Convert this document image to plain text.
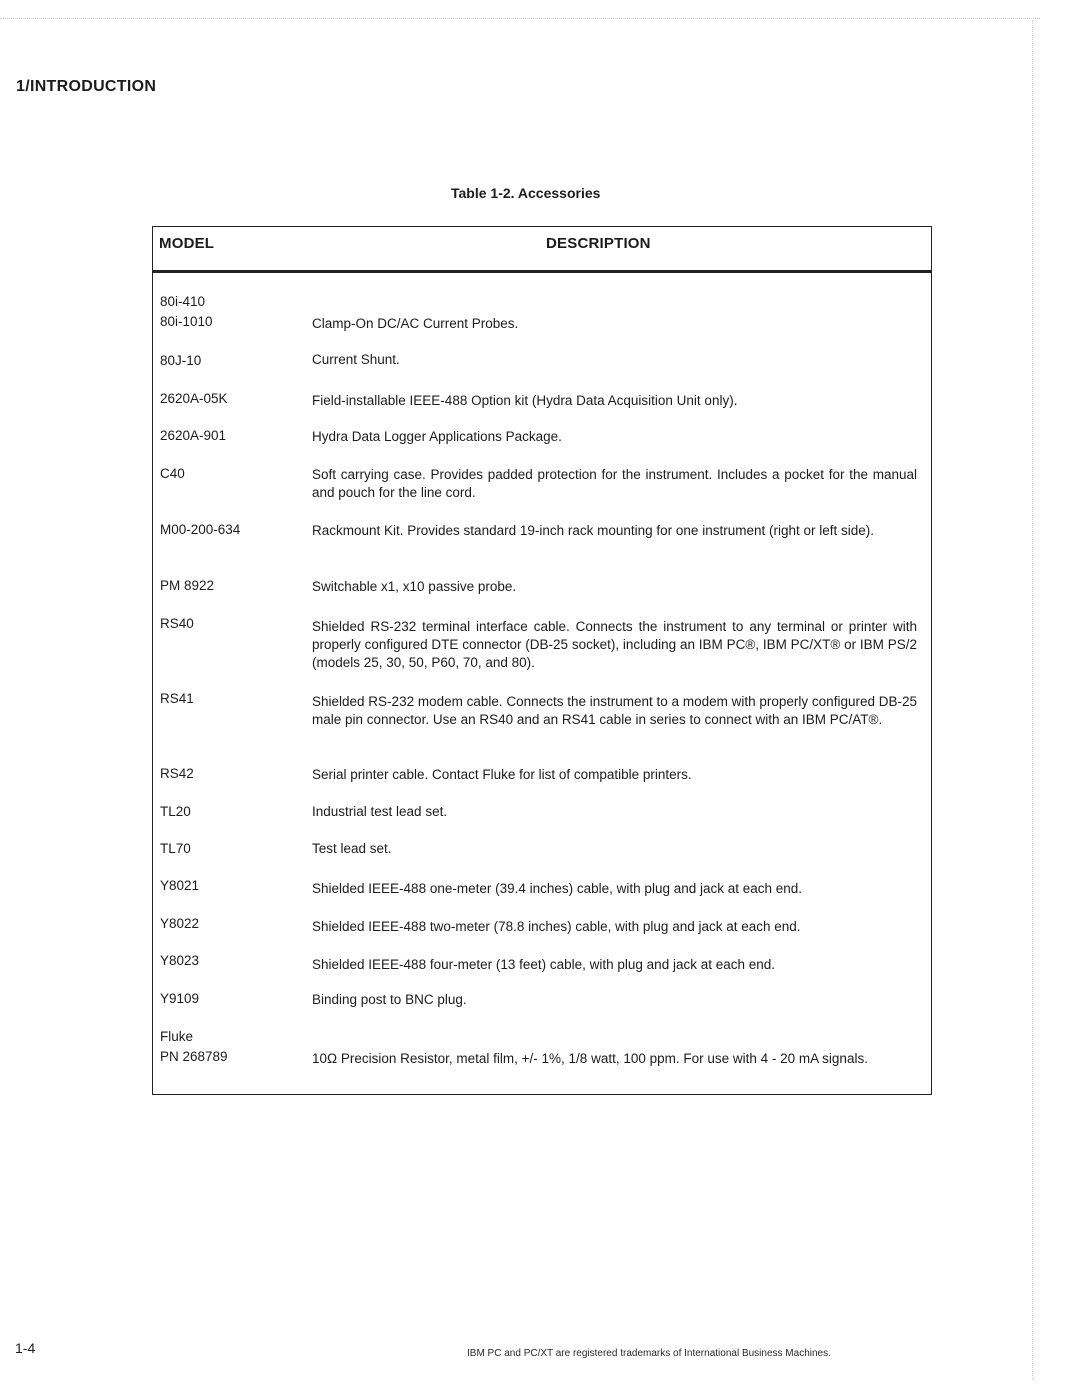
1/INTRODUCTION
Table 1-2. Accessories
MODEL	DESCRIPTION
80i-410
80i-1010	Clamp-On DC/AC Current Probes.
80J-10	Current Shunt.
2620A-05K	Field-installable IEEE-488 Option kit (Hydra Data Acquisition Unit only).
2620A-901	Hydra Data Logger Applications Package.
C40	Soft carrying case. Provides padded protection for the instrument. Includes a pocket for the manual and pouch for the line cord.
M00-200-634	Rackmount Kit. Provides standard 19-inch rack mounting for one instrument (right or left side).
PM 8922	Switchable x1, x10 passive probe.
RS40	Shielded RS-232 terminal interface cable. Connects the instrument to any terminal or printer with properly configured DTE connector (DB-25 socket), including an IBM PC®, IBM PC/XT® or IBM PS/2 (models 25, 30, 50, P60, 70, and 80).
RS41	Shielded RS-232 modem cable. Connects the instrument to a modem with properly configured DB-25 male pin connector. Use an RS40 and an RS41 cable in series to connect with an IBM PC/AT®.
RS42	Serial printer cable. Contact Fluke for list of compatible printers.
TL20	Industrial test lead set.
TL70	Test lead set.
Y8021	Shielded IEEE-488 one-meter (39.4 inches) cable, with plug and jack at each end.
Y8022	Shielded IEEE-488 two-meter (78.8 inches) cable, with plug and jack at each end.
Y8023	Shielded IEEE-488 four-meter (13 feet) cable, with plug and jack at each end.
Y9109	Binding post to BNC plug.
Fluke
PN 268789	10Ω Precision Resistor, metal film, +/- 1%, 1/8 watt, 100 ppm. For use with 4 - 20 mA signals.
1-4	IBM PC and PC/XT are registered trademarks of International Business Machines.
